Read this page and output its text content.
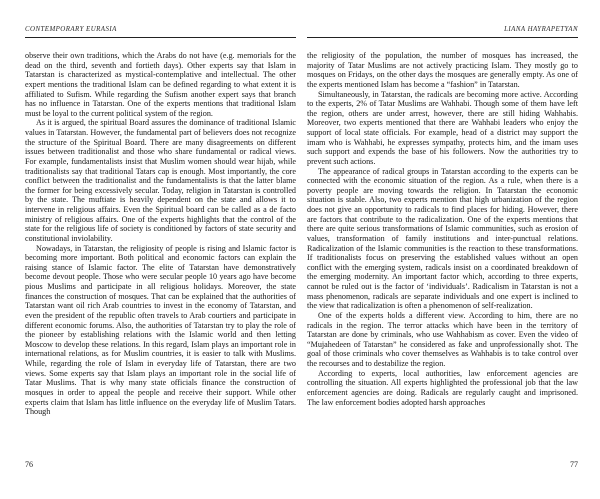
CONTEMPORARY EURASIA

observe their own traditions, which the Arabs do not have (e.g. memorials for the dead on the third, seventh and fortieth days). Other experts say that Islam in Tatarstan is characterized as mystical-contemplative and intellectual. The other expert mentions the traditional Islam can be defined regarding to what extent it is affiliated to Sufism. While regarding the Sufism another expert says that branch has no influence in Tatarstan. One of the experts mentions that traditional Islam must be loyal to the current political system of the region.

As it is argued, the spiritual Board assures the dominance of traditional Islamic values in Tatarstan. However, the fundamental part of believers does not recognize the structure of the Spiritual Board. There are many disagreements on different issues between traditionalist and those who share fundamental or radical views. For example, fundamentalists insist that Muslim women should wear hijab, while traditionalists say that traditional Tatars cap is enough. Most importantly, the core conflict between the traditionalist and the fundamentalists is that the latter blame the former for being excessively secular. Today, religion in Tatarstan is controlled by the state. The muftiate is heavily dependent on the state and allows it to intervene in religious affairs. Even the Spiritual board can be called as a de facto ministry of religious affairs. One of the experts highlights that the control of the state for the religious life of society is conditioned by factors of state security and constitutional inviolability.

Nowadays, in Tatarstan, the religiosity of people is rising and Islamic factor is becoming more important. Both political and economic factors can explain the raising stance of Islamic factor. The elite of Tatarstan have demonstratively become devout people. Those who were secular people 10 years ago have become pious Muslims and participate in all religious holidays. Moreover, the state finances the construction of mosques. That can be explained that the authorities of Tatarstan want oil rich Arab countries to invest in the economy of Tatarstan, and even the president of the republic often travels to Arab courtiers and participate in different economic forums. Also, the authorities of Tatarstan try to play the role of the pioneer by establishing relations with the Islamic world and then letting Moscow to develop these relations. In this regard, Islam plays an important role in international relations, as for Muslim countries, it is easier to talk with Muslims. While, regarding the role of Islam in everyday life of Tatarstan, there are two views. Some experts say that Islam plays an important role in the social life of Tatar Muslims. That is why many state officials finance the construction of mosques in order to appeal the people and receive their support. While other experts claim that Islam has little influence on the everyday life of Muslim Tatars. Though

76
LIANA HAYRAPETYAN

the religiosity of the population, the number of mosques has increased, the majority of Tatar Muslims are not actively practicing Islam. They mostly go to mosques on Fridays, on the other days the mosques are generally empty. As one of the experts mentioned Islam has become a “fashion” in Tatarstan.

Simultaneously, in Tatarstan, the radicals are becoming more active. According to the experts, 2% of Tatar Muslims are Wahhabi. Though some of them have left the region, others are under arrest, however, there are still hiding Wahhabis. Moreover, two experts mentioned that there are Wahhabi leaders who enjoy the support of local state officials. For example, head of a district may support the imam who is Wahhabi, he expresses sympathy, protects him, and the imam uses such support and expends the base of his followers. Now the authorities try to prevent such actions.

The appearance of radical groups in Tatarstan according to the experts can be connected with the economic situation of the region. As a rule, when there is a poverty people are moving towards the religion. In Tatarstan the economic situation is stable. Also, two experts mention that high urbanization of the region does not give an opportunity to radicals to find places for hiding. However, there are factors that contribute to the radicalization. One of the experts mentions that there are quite serious transformations of Islamic communities, such as erosion of values, transformation of family institutions and inter-punctual relations. Radicalization of the Islamic communities is the reaction to these transformations. If traditionalists focus on preserving the established values without an open conflict with the emerging system, radicals insist on a coordinated breakdown of the emerging modernity. An important factor which, according to three experts, cannot be ruled out is the factor of ‘individuals’. Radicalism in Tatarstan is not a mass phenomenon, radicals are separate individuals and one expert is inclined to the view that radicalization is often a phenomenon of self-realization.

One of the experts holds a different view. According to him, there are no radicals in the region. The terror attacks which have been in the territory of Tatarstan are done by criminals, who use Wahhabism as cover. Even the video of “Mujahedeen of Tatarstan” he considered as fake and unprofessionally shot. The goal of those criminals who cover themselves as Wahhabis is to take control over the recourses and to destabilize the region.

According to experts, local authorities, law enforcement agencies are controlling the situation. All experts highlighted the professional job that the law enforcement agencies are doing. Radicals are regularly caught and imprisoned. The law enforcement bodies adopted harsh approaches

77
